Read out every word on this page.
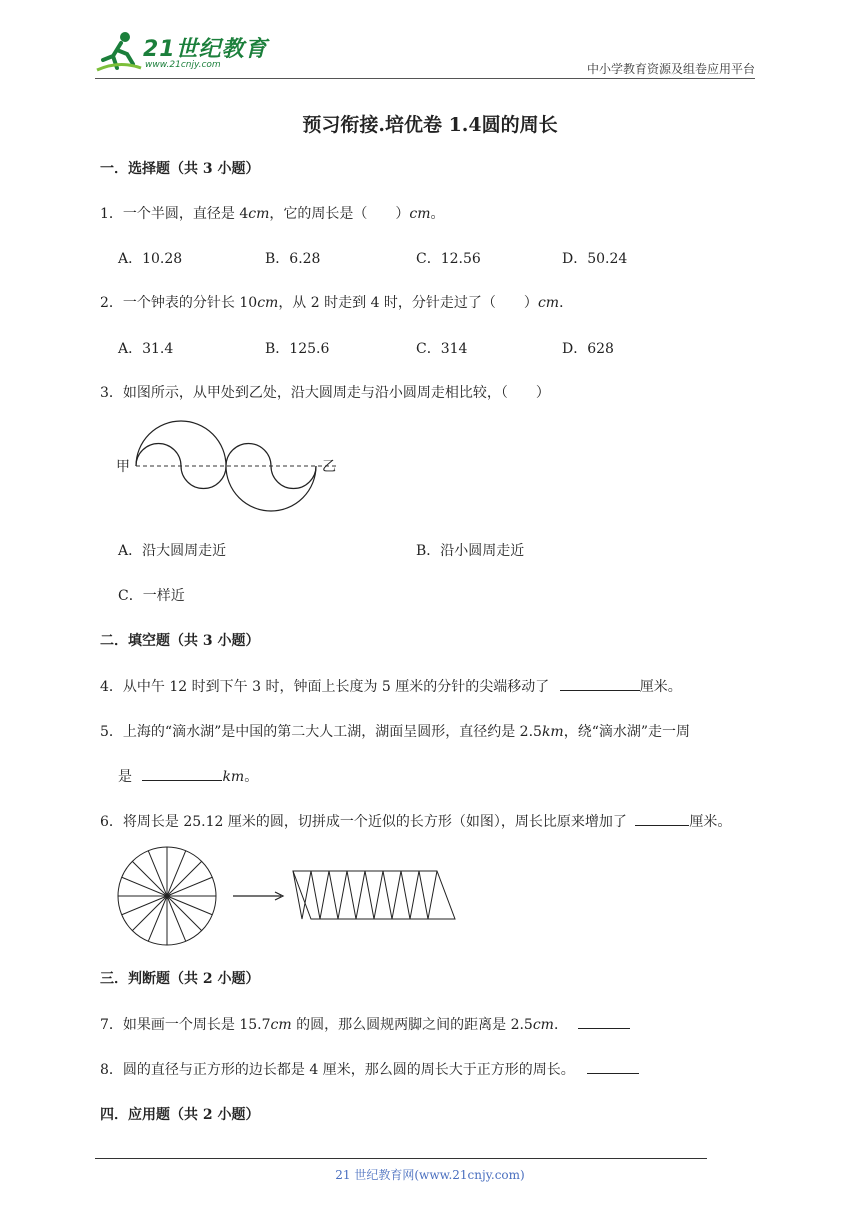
21世纪教育
www.21cnjy.com	中小学教育资源及组卷应用平台
预习衔接.培优卷 1.4圆的周长
一．选择题（共 3 小题）
1．一个半圆，直径是 4cm，它的周长是（　　）cm。
A．10.28	B．6.28	C．12.56	D．50.24
2．一个钟表的分针长 10cm，从 2 时走到 4 时，分针走过了（　　）cm．
A．31.4	B．125.6	C．314	D．628
3．如图所示，从甲处到乙处，沿大圆周走与沿小圆周走相比较，（　　）
甲	乙
A．沿大圆周走近	B．沿小圆周走近
C．一样近
二．填空题（共 3 小题）
4．从中午 12 时到下午 3 时，钟面上长度为 5 厘米的分针的尖端移动了	厘米。
5．上海的“滴水湖”是中国的第二大人工湖，湖面呈圆形，直径约是 2.5km，绕“滴水湖”走一周
是	km。
6．将周长是 25.12 厘米的圆，切拼成一个近似的长方形（如图），周长比原来增加了	厘米。
三．判断题（共 2 小题）
7．如果画一个周长是 15.7cm 的圆，那么圆规两脚之间的距离是 2.5cm．
8．圆的直径与正方形的边长都是 4 厘米，那么圆的周长大于正方形的周长。
四．应用题（共 2 小题）
21 世纪教育网(www.21cnjy.com)
